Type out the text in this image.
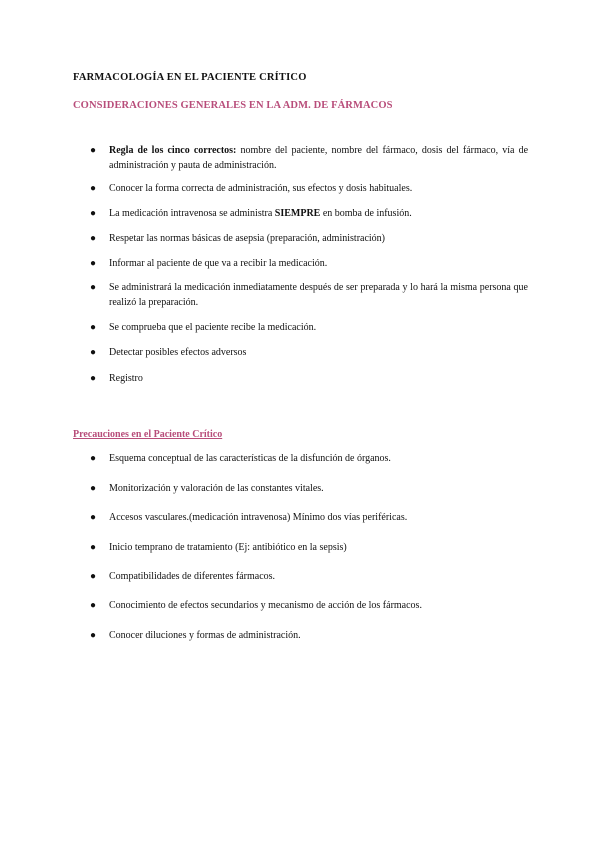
FARMACOLOGÍA EN EL PACIENTE CRÍTICO
CONSIDERACIONES GENERALES EN LA ADM. DE FÁRMACOS
● Regla de los cinco correctos: nombre del paciente, nombre del fármaco, dosis del fármaco, vía de administración y pauta de administración.
● Conocer la forma correcta de administración, sus efectos y dosis habituales.
● La medicación intravenosa se administra SIEMPRE en bomba de infusión.
● Respetar las normas básicas de asepsia (preparación, administración)
● Informar al paciente de que va a recibir la medicación.
● Se administrará la medicación inmediatamente después de ser preparada y lo hará la misma persona que realizó la preparación.
● Se comprueba que el paciente recibe la medicación.
● Detectar posibles efectos adversos
● Registro
Precauciones en el Paciente Crítico
● Esquema conceptual de las características de la disfunción de órganos.
● Monitorización y valoración de las constantes vitales.
● Accesos vasculares.(medicación intravenosa) Mínimo dos vías periféricas.
● Inicio temprano de tratamiento (Ej: antibiótico en la sepsis)
● Compatibilidades de diferentes fármacos.
● Conocimiento de efectos secundarios y mecanismo de acción de los fármacos.
● Conocer diluciones y formas de administración.
